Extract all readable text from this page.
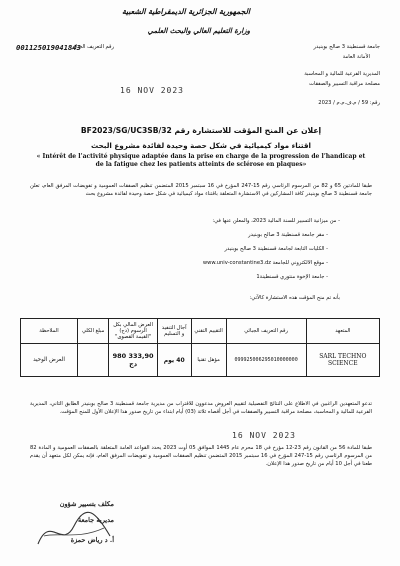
الجمهورية الجزائرية الديمقراطية الشعبية
وزارة التعليم العالي والبحث العلمي
001125019041843
رقم التعريف الجبائي	جامعة قسنطينة 3 صالح بوبنيدر
الأمانة العامة
المديرية الفرعية للمالية و المحاسبة
مصلحة مراقبة التسيير والصفقات
رقم: 59 / م.ف.م.م / 2023
16 NOV 2023
إعلان عن المنح المؤقت للاستشارة رقم BF2023/SG/UC3SB/32
اقتناء مواد كيميائية في شكل حصة وحيدة لفائدة مشروع البحث
« Intérêt de l’activité physique adaptée dans la prise en charge de la progression de l’handicap et de la fatigue chez les patients atteints de sclérose en plaques»
طبقا للمادتين 65 و 82 من المرسوم الرئاسي رقم 15-247 المؤرخ في 16 سبتمبر 2015 المتضمن تنظيم الصفقات العمومية و تفويضات المرفق العام، تعلن جامعة قسنطينة 3 صالح بوبنيدر كافة المشاركين في الاستشارة المتعلقة باقتناء مواد كيميائية في شكل حصة وحيدة لفائدة مشروع بحث
- من ميزانية التسيير للسنة المالية 2023، والمعلن عنها في:
- مقر جامعة قسنطينة 3 صالح بوبنيدر
- الكليات التابعة لجامعة قسنطينة 3 صالح بوبنيدر
- موقع الالكتروني للجامعة www.univ-constantine3.dz
- جامعة الإخوة منتوري قسنطينة1
بأنه تم منح المؤقت هذه الاستشارة كالآتي:
المتعهد	رقم التعريف الجبائي	التقييم التقني	آجال التنفيذ و التسليم	العرض المالي بكل الرسوم (دج) "القيمة القصوى"	مبلغ الكلي	الملاحظة
SARL TECHNO SCIENCE	099925006295010000000	مؤهل تقنيا	40 يوم	980 333,90 دج		العرض الوحيد
تدعو المتعهدين الراغبين في الاطلاع على النتائج التفصيلية لتقييم العروض مدعوون للاقتراب من مديرية جامعة قسنطينة 3 صالح بوبنيدر الطابق الثاني، المديرية الفرعية للمالية و المحاسبة، مصلحة مراقبة التسيير والصفقات في أجل أقصاه ثلاثة (03) أيام ابتداء من تاريخ صدور هذا الإعلان الأول للمنح المؤقت.
16 NOV 2023
طبقا للمادة 56 من القانون رقم 23-12 مؤرخ في 18 محرم عام 1445 الموافق 05 أوت 2023 يحدد القواعد العامة المتعلقة بالصفقات العمومية و المادة 82 من المرسوم الرئاسي رقم 15-247 المؤرخ في 16 سبتمبر 2015 المتضمن تنظيم الصفقات العمومية و تفويضات المرفق العام، فإنه يمكن لكل متعهد أن يقدم طعنا في أجل 10 أيام من تاريخ صدور هذا الإعلان.
مكلف بتسيير شؤون
مديرية جامعة
أ. د رياض حمزة
